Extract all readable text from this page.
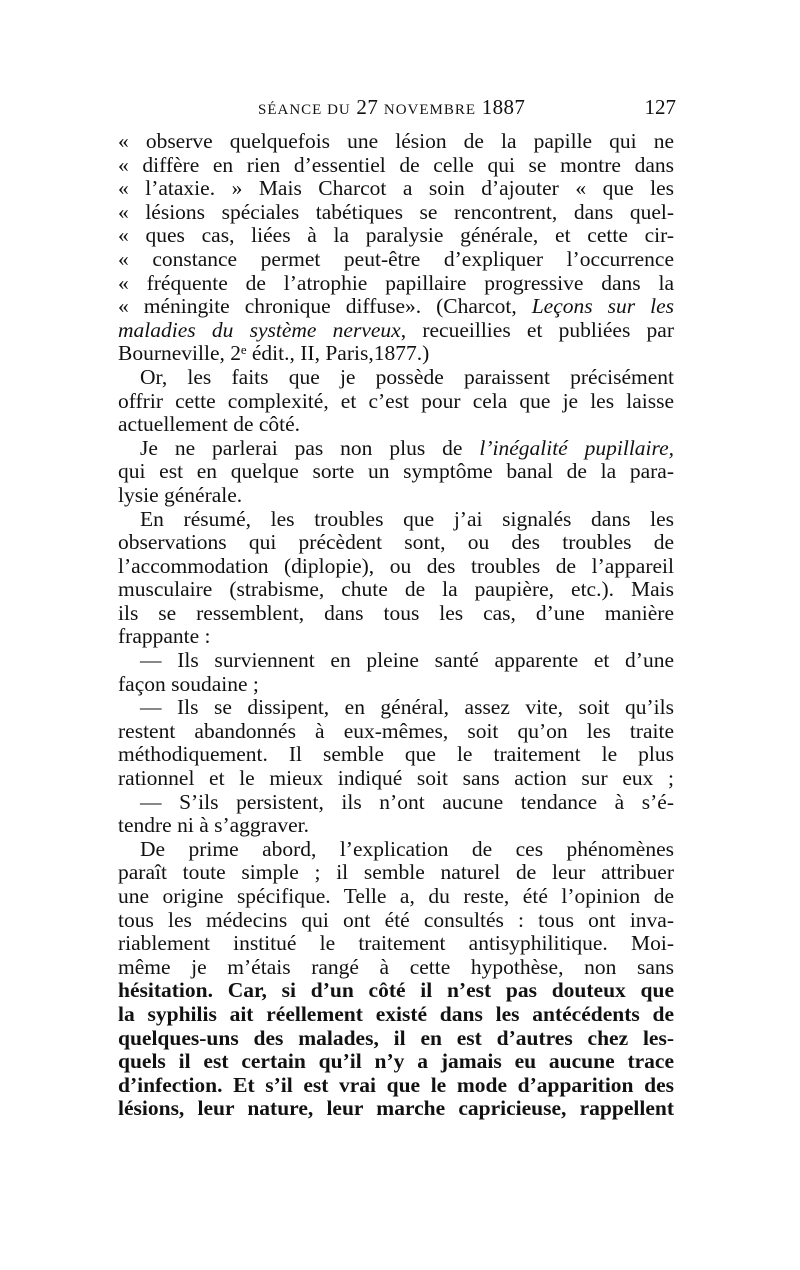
SÉANCE DU 27 NOVEMBRE 1887	127
« observe quelquefois une lésion de la papille qui ne
« diffère en rien d’essentiel de celle qui se montre dans
« l’ataxie. » Mais Charcot a soin d’ajouter « que les
« lésions spéciales tabétiques se rencontrent, dans quel-
« ques cas, liées à la paralysie générale, et cette cir-
« constance permet peut-être d’expliquer l’occurrence
« fréquente de l’atrophie papillaire progressive dans la
« méningite chronique diffuse». (Charcot, Leçons sur les
maladies du système nerveux, recueillies et publiées par
Bourneville, 2ᵉ édit., II, Paris,1877.)
Or, les faits que je possède paraissent précisément
offrir cette complexité, et c’est pour cela que je les laisse
actuellement de côté.
Je ne parlerai pas non plus de l’inégalité pupillaire,
qui est en quelque sorte un symptôme banal de la para-
lysie générale.
En résumé, les troubles que j’ai signalés dans les
observations qui précèdent sont, ou des troubles de
l’accommodation (diplopie), ou des troubles de l’appareil
musculaire (strabisme, chute de la paupière, etc.). Mais
ils se ressemblent, dans tous les cas, d’une manière
frappante :
— Ils surviennent en pleine santé apparente et d’une
façon soudaine ;
— Ils se dissipent, en général, assez vite, soit qu’ils
restent abandonnés à eux-mêmes, soit qu’on les traite
méthodiquement. Il semble que le traitement le plus
rationnel et le mieux indiqué soit sans action sur eux ;
— S’ils persistent, ils n’ont aucune tendance à s’é-
tendre ni à s’aggraver.
De prime abord, l’explication de ces phénomènes
paraît toute simple ; il semble naturel de leur attribuer
une origine spécifique. Telle a, du reste, été l’opinion de
tous les médecins qui ont été consultés : tous ont inva-
riablement institué le traitement antisyphilitique. Moi-
même je m’étais rangé à cette hypothèse, non sans
hésitation. Car, si d’un côté il n’est pas douteux que
la syphilis ait réellement existé dans les antécédents de
quelques-uns des malades, il en est d’autres chez les-
quels il est certain qu’il n’y a jamais eu aucune trace
d’infection. Et s’il est vrai que le mode d’apparition des
lésions, leur nature, leur marche capricieuse, rappellent
